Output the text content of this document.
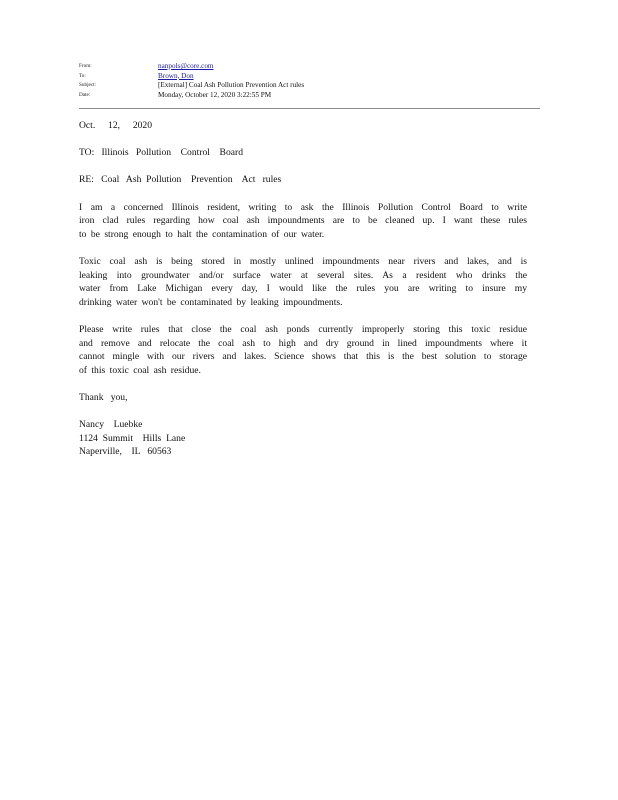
From:	nanpols@core.com
To:	Brown, Don
Subject:	[External] Coal Ash Pollution Prevention Act rules
Date:	Monday, October 12, 2020 3:22:55 PM
Oct.  12,  2020
TO:   Illinois   Pollution    Control    Board
RE:   Coal   Ash  Pollution    Prevention    Act   rules
I am a concerned Illinois resident, writing to ask the Illinois Pollution Control Board to write
iron clad rules regarding how coal ash impoundments are to be cleaned up. I want these rules
to be strong enough to halt the contamination of our water.
Toxic coal ash is being stored in mostly unlined impoundments near rivers and lakes, and is
leaking into groundwater and/or surface water at several sites. As a resident who drinks the
water from Lake Michigan every day, I would like the rules you are writing to insure my
drinking water won't be contaminated by leaking impoundments.
Please write rules that close the coal ash ponds currently improperly storing this toxic residue
and remove and relocate the coal ash to high and dry ground in lined impoundments where it
cannot mingle with our rivers and lakes. Science shows that this is the best solution to storage
of this toxic coal ash residue.
Thank   you,
Nancy    Luebke
1124  Summit    Hills  Lane
Naperville,    IL   60563
